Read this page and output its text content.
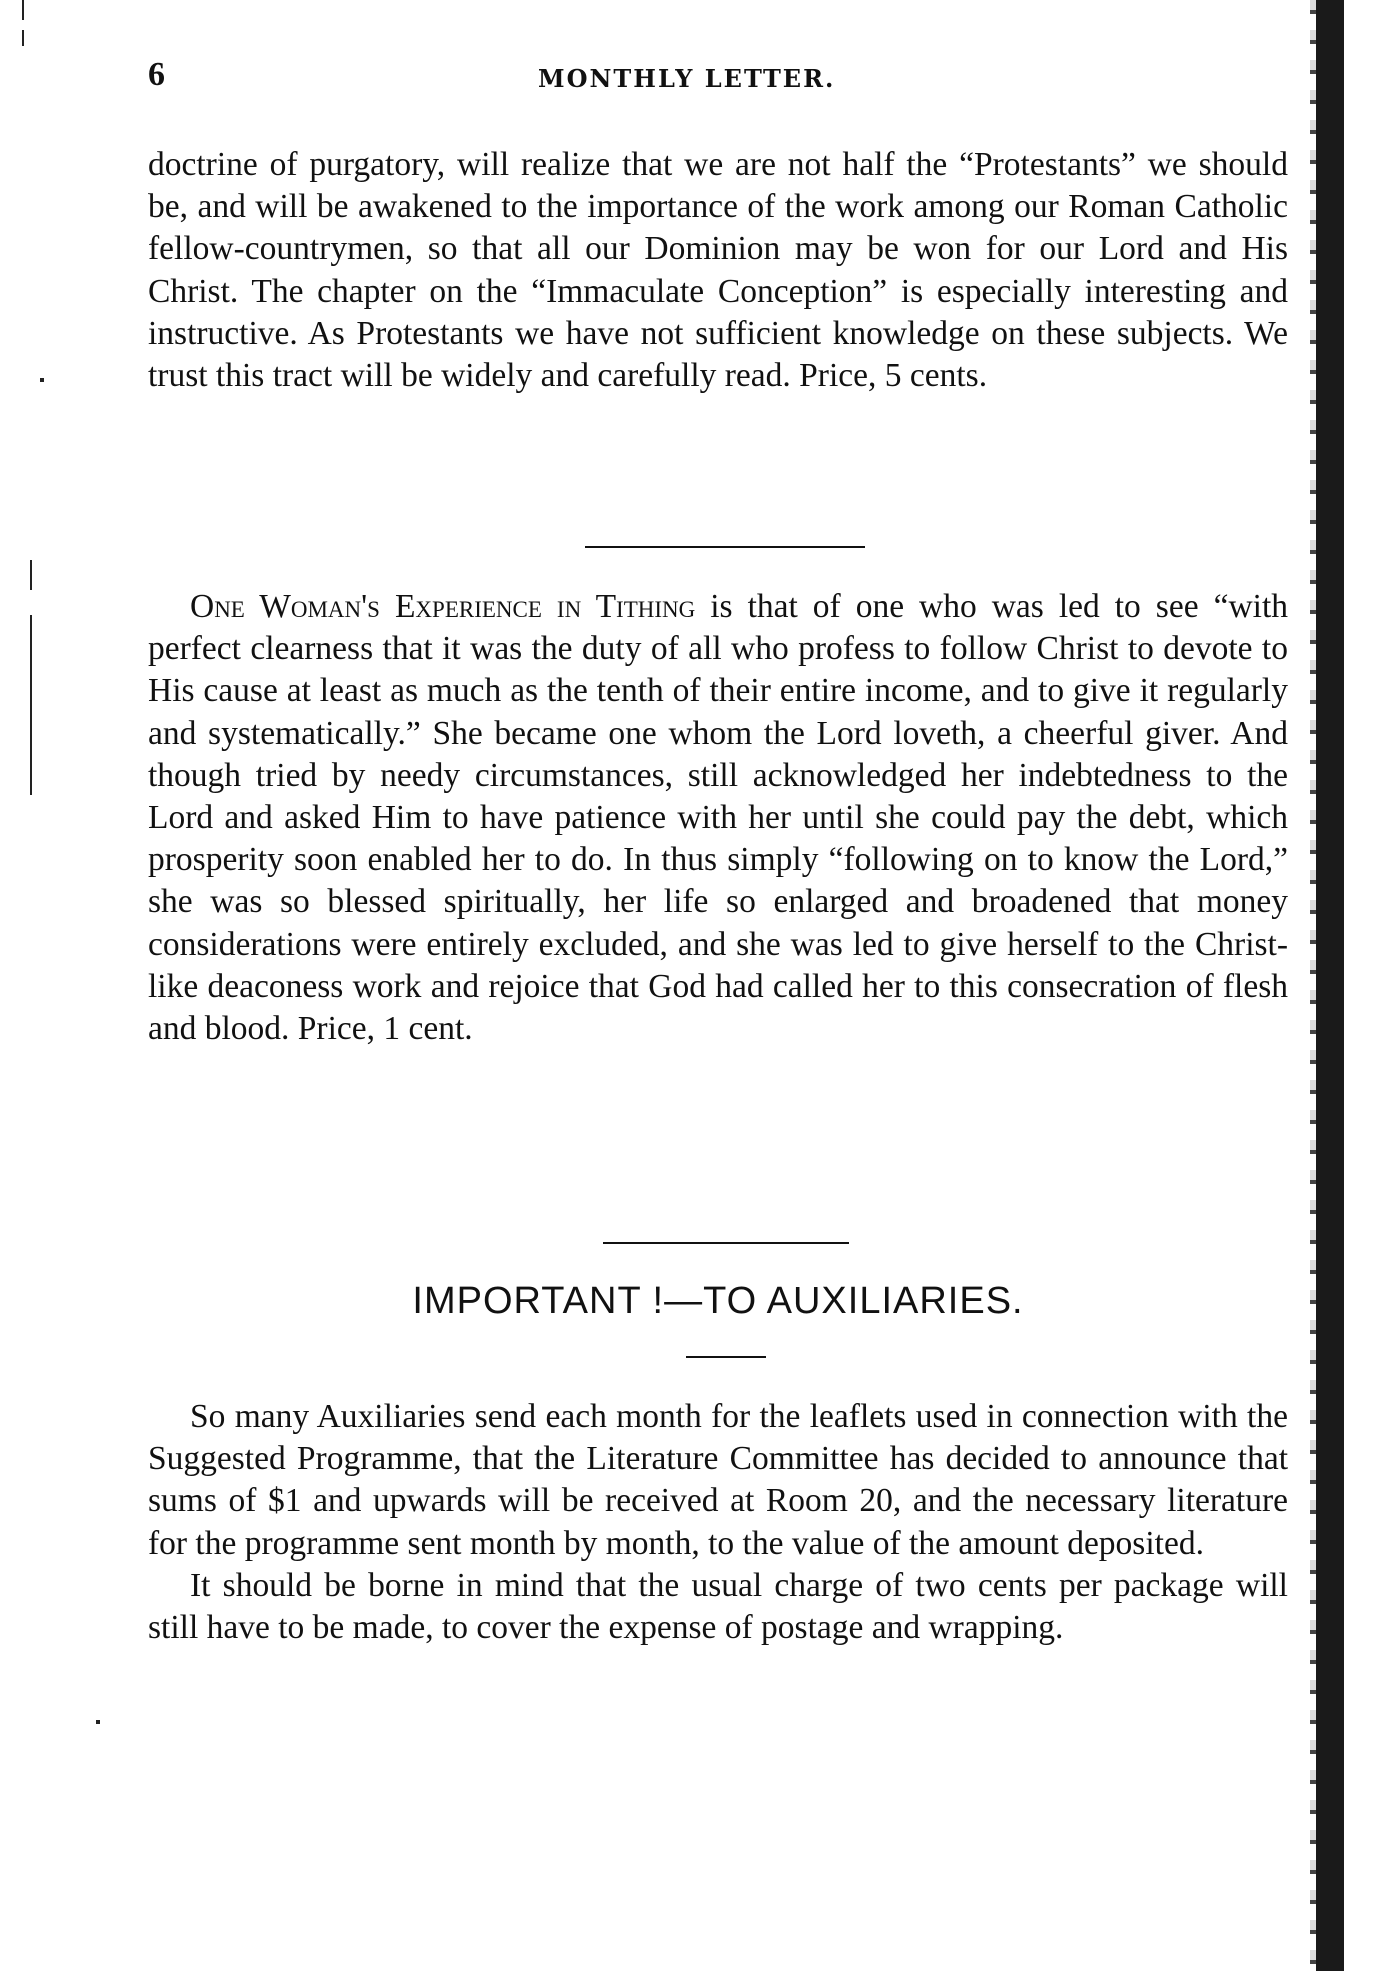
6	MONTHLY LETTER.

doctrine of purgatory, will realize that we are not half the “Protestants” we should be, and will be awakened to the importance of the work among our Roman Catholic fellow-countrymen, so that all our Dominion may be won for our Lord and His Christ. The chapter on the “Immaculate Conception” is especially interesting and instructive. As Protestants we have not sufficient knowledge on these subjects. We trust this tract will be widely and carefully read. Price, 5 cents.

One Woman's Experience in Tithing is that of one who was led to see “with perfect clearness that it was the duty of all who profess to follow Christ to devote to His cause at least as much as the tenth of their entire income, and to give it regularly and systematically.” She became one whom the Lord loveth, a cheerful giver. And though tried by needy circumstances, still acknowledged her indebtedness to the Lord and asked Him to have patience with her until she could pay the debt, which prosperity soon enabled her to do. In thus simply “following on to know the Lord,” she was so blessed spiritually, her life so enlarged and broadened that money considerations were entirely excluded, and she was led to give herself to the Christ-like deaconess work and rejoice that God had called her to this consecration of flesh and blood. Price, 1 cent.

IMPORTANT !—TO AUXILIARIES.

So many Auxiliaries send each month for the leaflets used in connection with the Suggested Programme, that the Literature Committee has decided to announce that sums of $1 and upwards will be received at Room 20, and the necessary literature for the programme sent month by month, to the value of the amount deposited.

It should be borne in mind that the usual charge of two cents per package will still have to be made, to cover the expense of postage and wrapping.
